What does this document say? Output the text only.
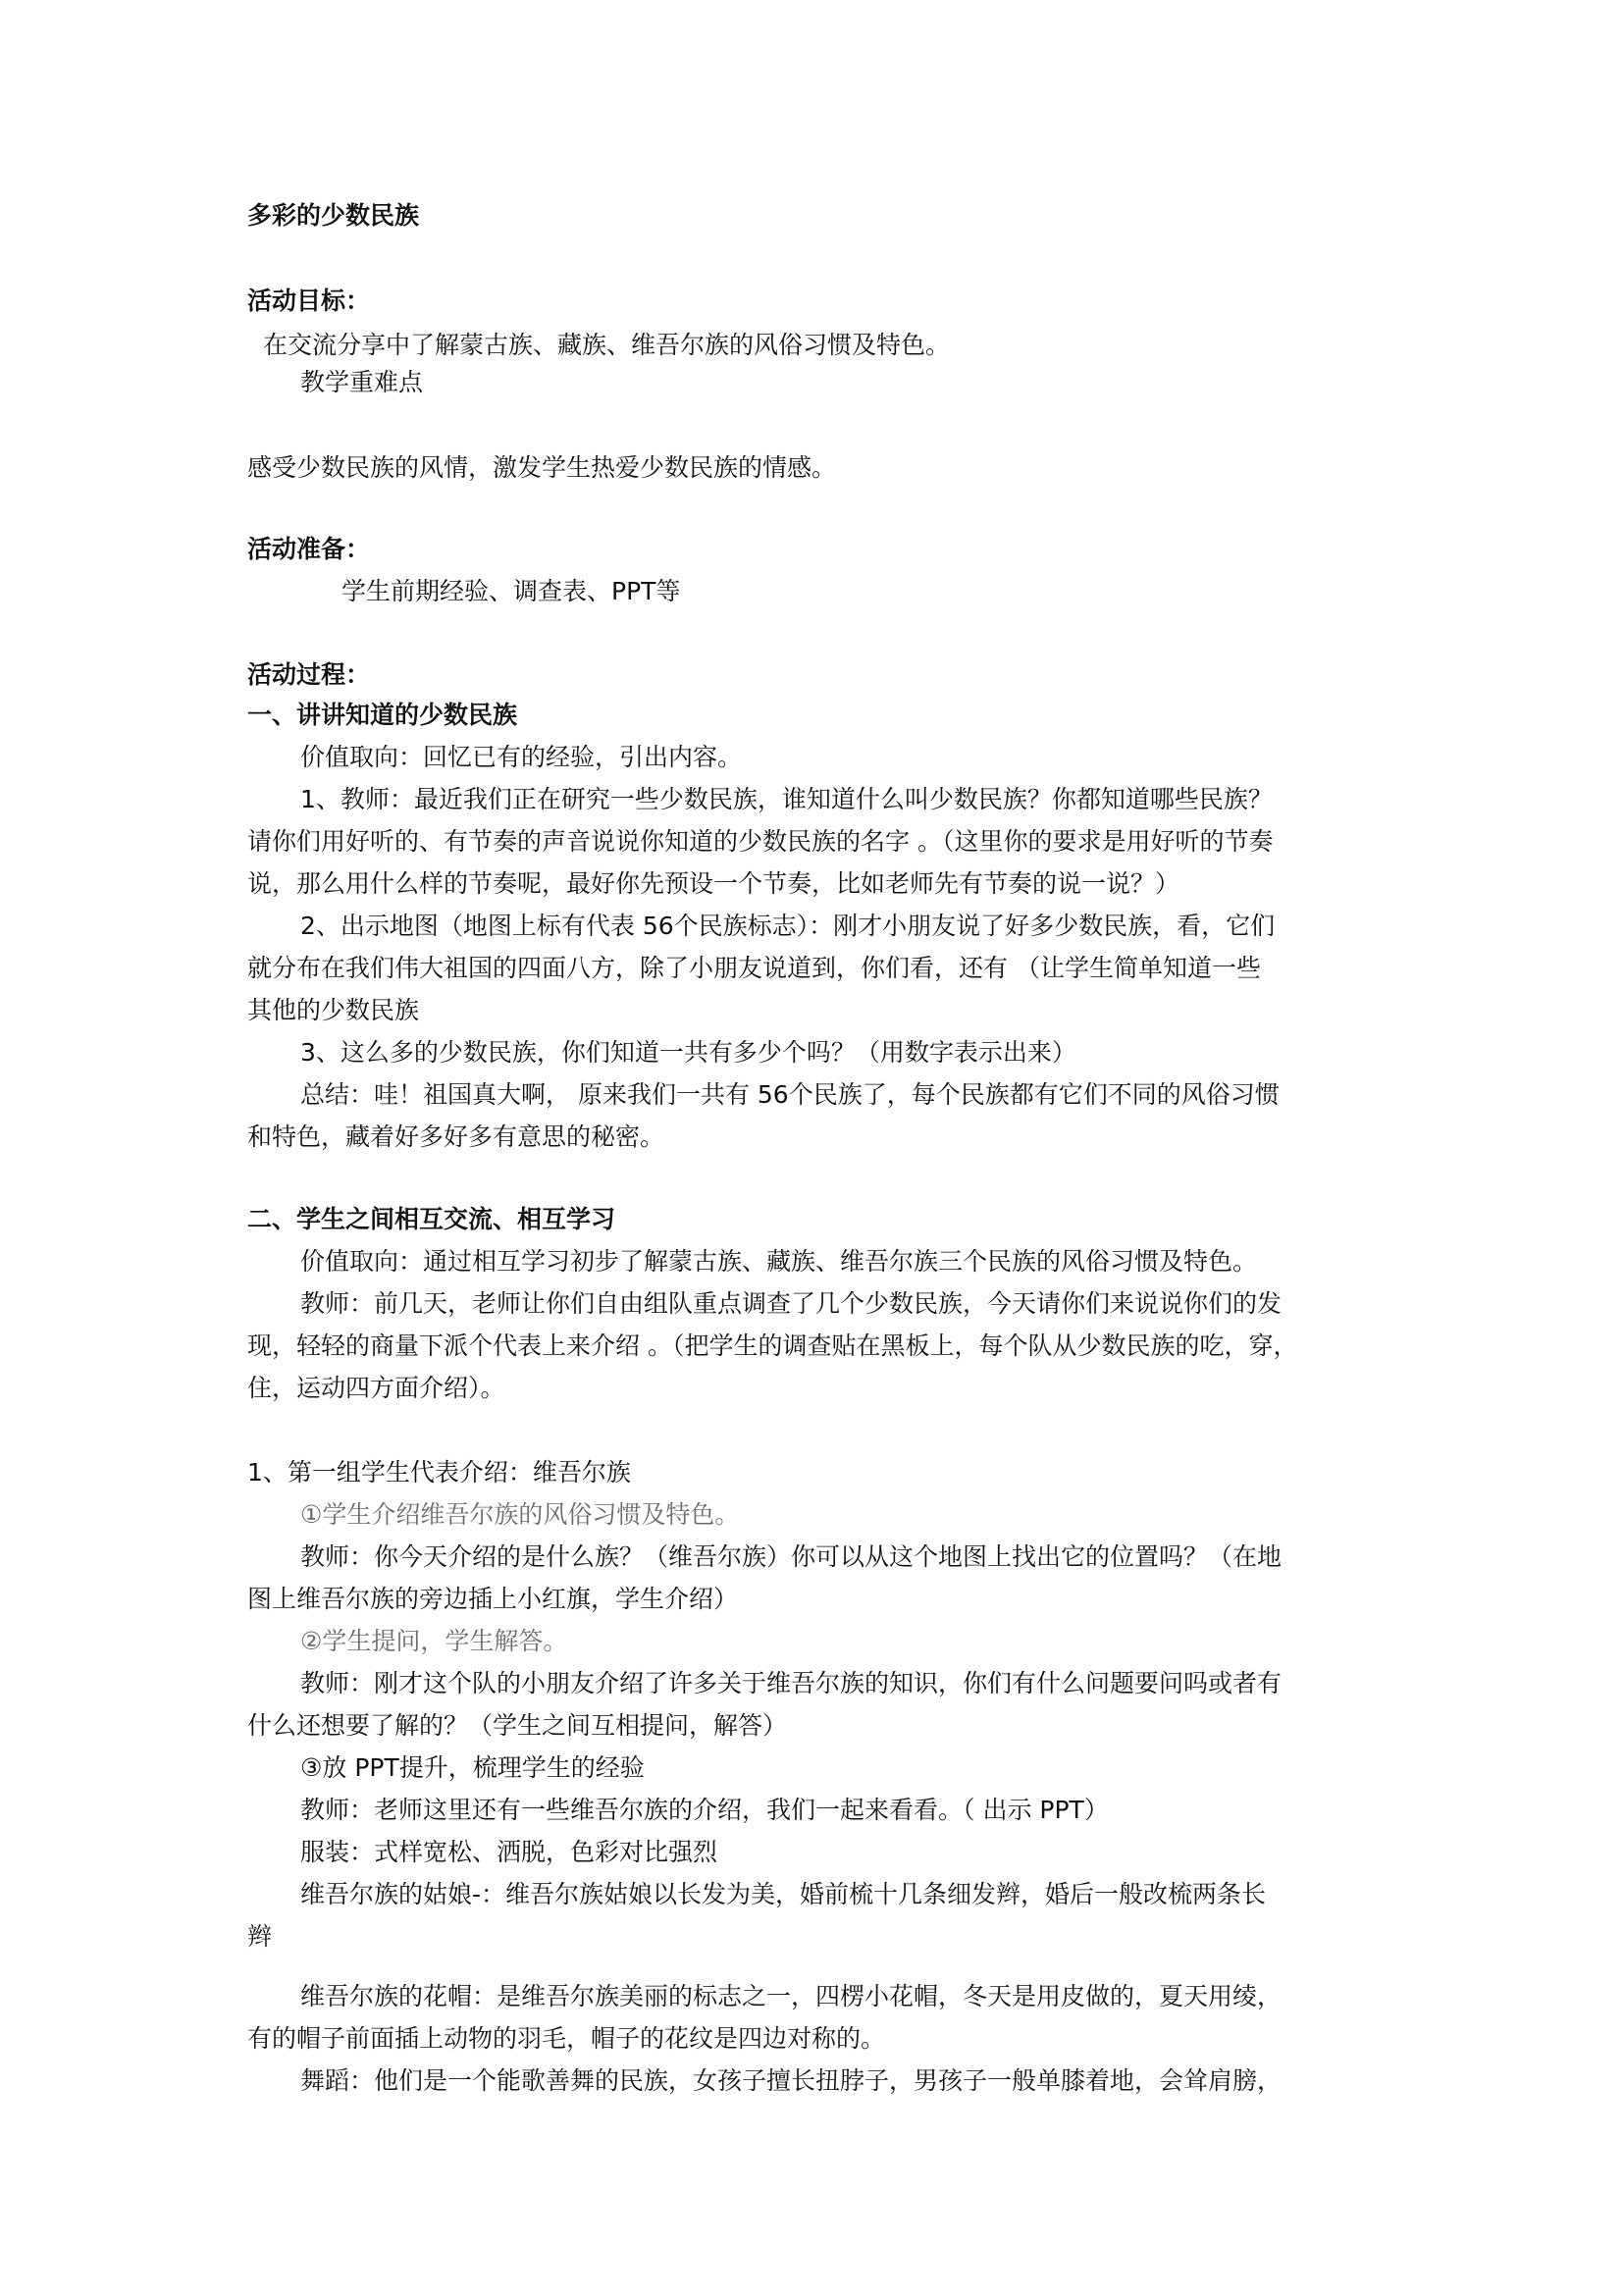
多彩的少数民族
活动目标：
在交流分享中了解蒙古族、藏族、维吾尔族的风俗习惯及特色。
教学重难点
感受少数民族的风情，激发学生热爱少数民族的情感。
活动准备：
学生前期经验、调查表、PPT等
活动过程：
一、讲讲知道的少数民族
价值取向：回忆已有的经验，引出内容。
1、教师：最近我们正在研究一些少数民族，谁知道什么叫少数民族？你都知道哪些民族？
请你们用好听的、有节奏的声音说说你知道的少数民族的名字 。（这里你的要求是用好听的节奏
说，那么用什么样的节奏呢，最好你先预设一个节奏，比如老师先有节奏的说一说？）
2、出示地图（地图上标有代表 56个民族标志）：刚才小朋友说了好多少数民族，看，它们
就分布在我们伟大祖国的四面八方，除了小朋友说道到，你们看，还有 （让学生简单知道一些
其他的少数民族
3、这么多的少数民族，你们知道一共有多少个吗？（用数字表示出来）
总结：哇！祖国真大啊， 原来我们一共有 56个民族了，每个民族都有它们不同的风俗习惯
和特色，藏着好多好多有意思的秘密。
二、学生之间相互交流、相互学习
价值取向：通过相互学习初步了解蒙古族、藏族、维吾尔族三个民族的风俗习惯及特色。
教师：前几天，老师让你们自由组队重点调查了几个少数民族，今天请你们来说说你们的发
现，轻轻的商量下派个代表上来介绍 。（把学生的调查贴在黑板上，每个队从少数民族的吃，穿，
住，运动四方面介绍）。
1、第一组学生代表介绍：维吾尔族
①学生介绍维吾尔族的风俗习惯及特色。
教师：你今天介绍的是什么族？（维吾尔族）你可以从这个地图上找出它的位置吗？（在地
图上维吾尔族的旁边插上小红旗，学生介绍）
②学生提问，学生解答。
教师：刚才这个队的小朋友介绍了许多关于维吾尔族的知识，你们有什么问题要问吗或者有
什么还想要了解的？（学生之间互相提问，解答）
③放 PPT提升，梳理学生的经验
教师：老师这里还有一些维吾尔族的介绍，我们一起来看看。（ 出示 PPT）
服装：式样宽松、洒脱，色彩对比强烈
维吾尔族的姑娘-：维吾尔族姑娘以长发为美，婚前梳十几条细发辫，婚后一般改梳两条长
辫
维吾尔族的花帽：是维吾尔族美丽的标志之一，四楞小花帽，冬天是用皮做的，夏天用绫，
有的帽子前面插上动物的羽毛，帽子的花纹是四边对称的。
舞蹈：他们是一个能歌善舞的民族，女孩子擅长扭脖子，男孩子一般单膝着地，会耸肩膀，
